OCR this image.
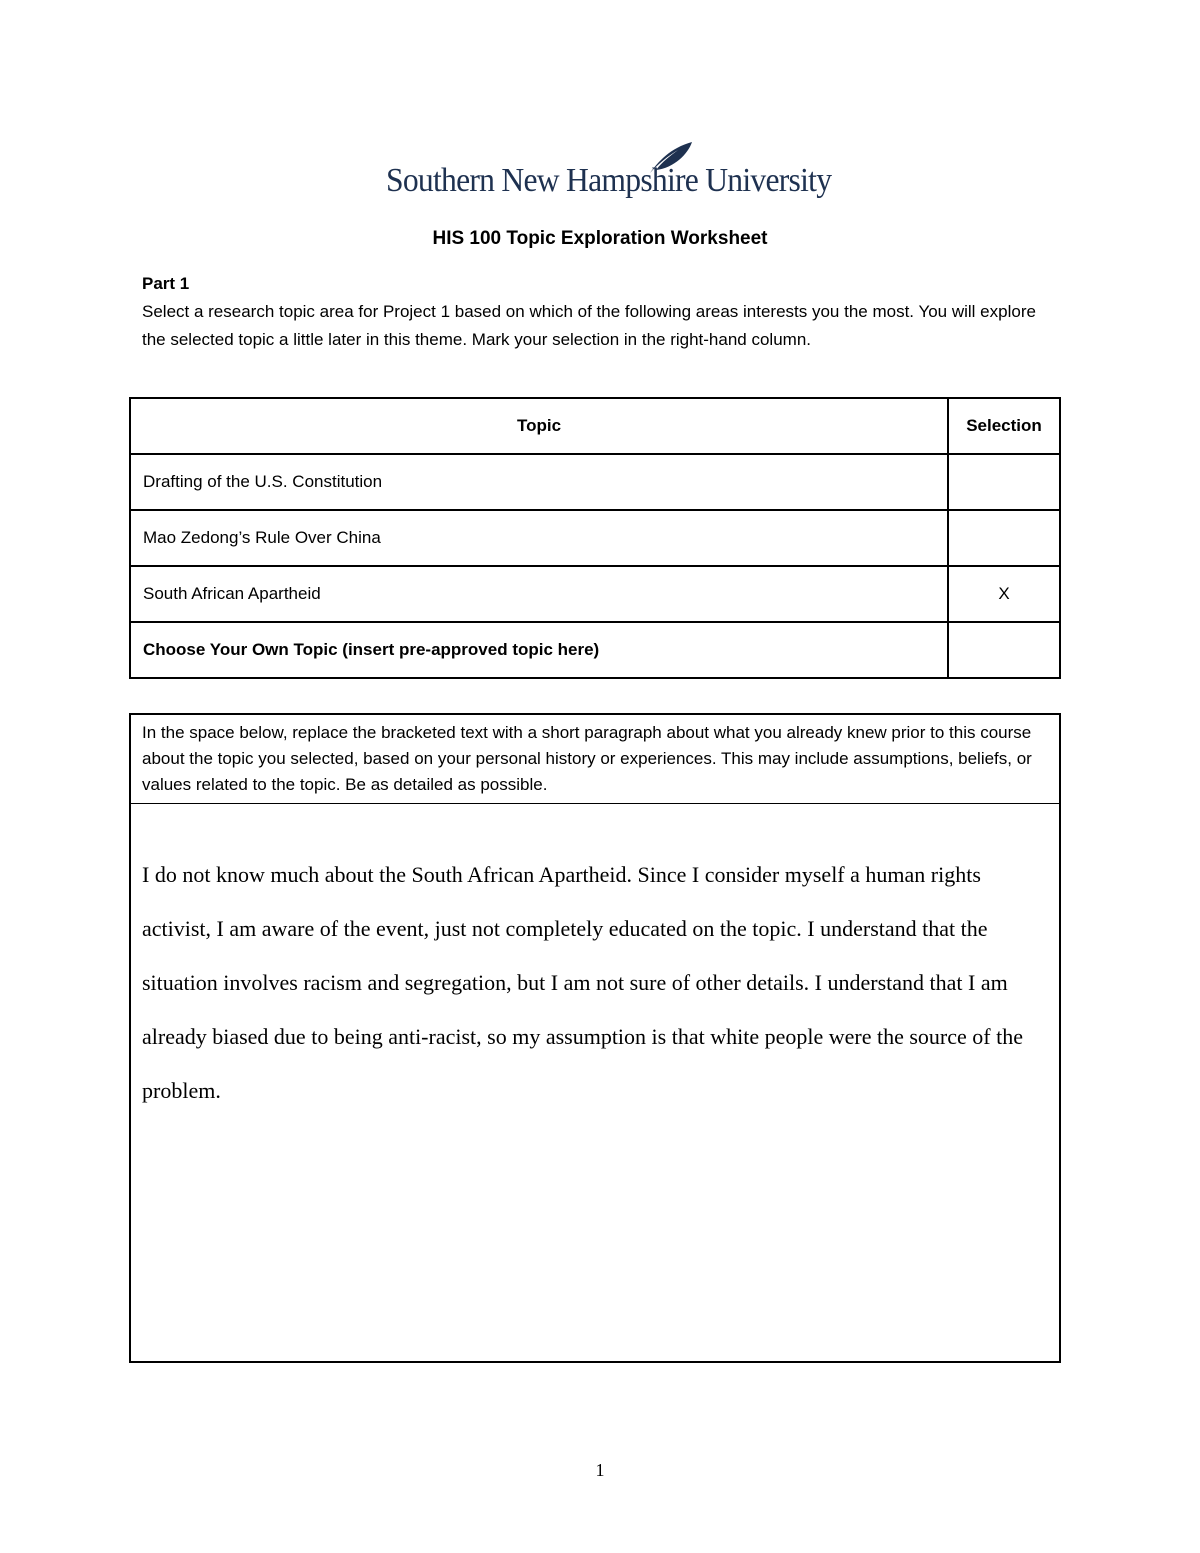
Southern New Hampshire University
HIS 100 Topic Exploration Worksheet
Part 1
Select a research topic area for Project 1 based on which of the following areas interests you the most. You will explore the selected topic a little later in this theme. Mark your selection in the right-hand column.
Topic	Selection
Drafting of the U.S. Constitution	
Mao Zedong’s Rule Over China	
South African Apartheid	X
Choose Your Own Topic (insert pre-approved topic here)	
In the space below, replace the bracketed text with a short paragraph about what you already knew prior to this course about the topic you selected, based on your personal history or experiences. This may include assumptions, beliefs, or values related to the topic. Be as detailed as possible.
I do not know much about the South African Apartheid. Since I consider myself a human rights activist, I am aware of the event, just not completely educated on the topic. I understand that the situation involves racism and segregation, but I am not sure of other details. I understand that I am already biased due to being anti-racist, so my assumption is that white people were the source of the problem.
1
